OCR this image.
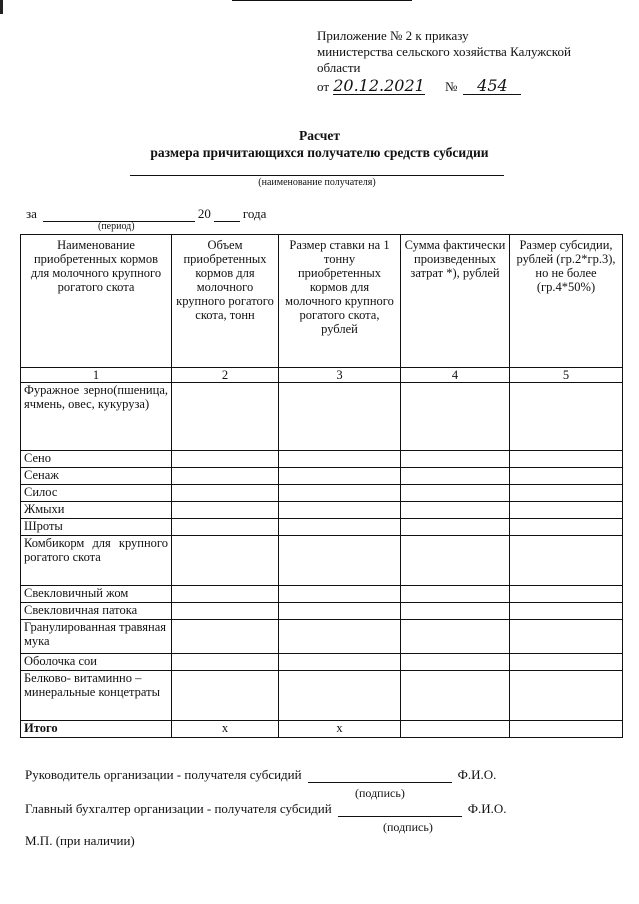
Приложение № 2 к приказу
министерства сельского хозяйства Калужской
области
от 20.12.2021 №	454
Расчет
размера причитающихся получателю средств субсидии
(наименование получателя)
за	20 года
(период)
Наименование приобретенных кормов для молочного крупного рогатого скота	Объем приобретенных кормов для молочного крупного рогатого скота, тонн	Размер ставки на 1 тонну приобретенных кормов для молочного крупного рогатого скота, рублей	Сумма фактически произведенных затрат *), рублей	Размер субсидии, рублей (гр.2*гр.3), но не более (гр.4*50%)
1	2	3	4	5
Фуражное зерно(пшеница, ячмень, овес, кукуруза)				
Сено				
Сенаж				
Силос				
Жмыхи				
Шроты				
Комбикорм для крупного рогатого скота				
Свекловичный жом				
Свекловичная патока				
Гранулированная травяная мука				
Оболочка сои				
Белково- витаминно – минеральные концетраты				
Итого	x	x		
Руководитель организации - получателя субсидий	Ф.И.О.
(подпись)
Главный бухгалтер организации - получателя субсидий	Ф.И.О.
(подпись)
М.П. (при наличии)
